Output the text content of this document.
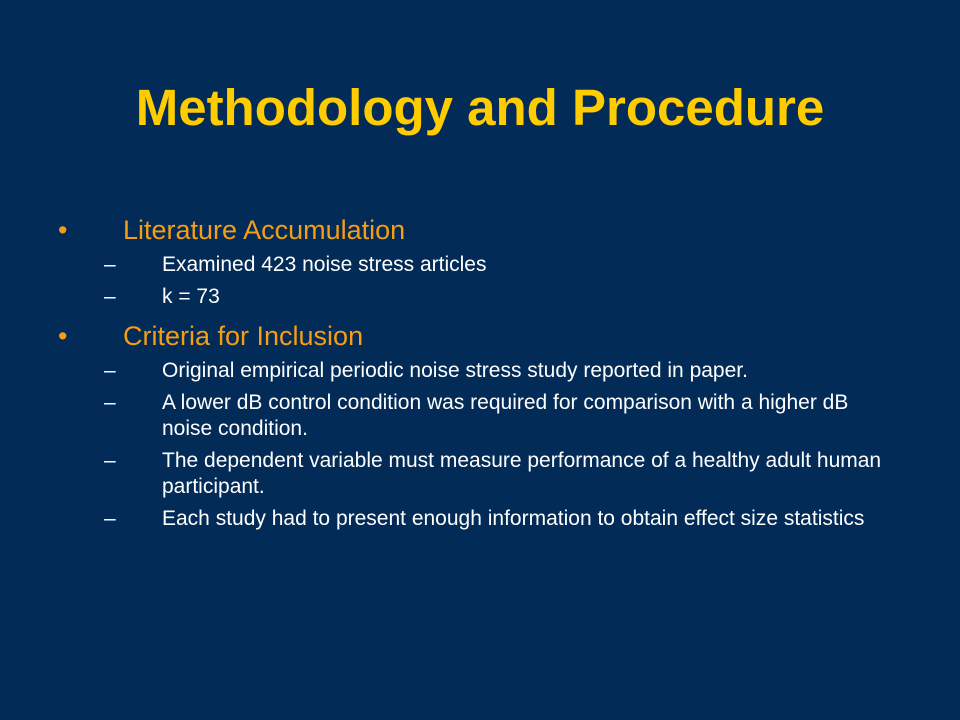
Methodology and Procedure
• Literature Accumulation
– Examined 423 noise stress articles
– k = 73
• Criteria for Inclusion
– Original empirical periodic noise stress study reported in paper.
– A lower dB control condition was required for comparison with a higher dB noise condition.
– The dependent variable must measure performance of a healthy adult human participant.
– Each study had to present enough information to obtain effect size statistics
